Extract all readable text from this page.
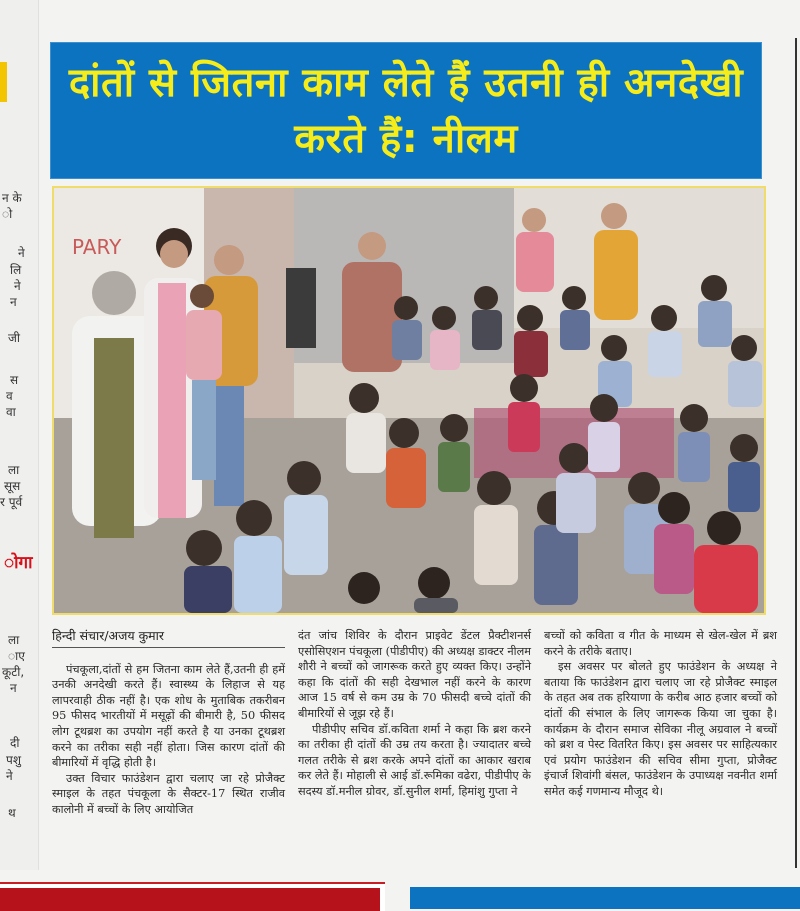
न के
ो
ने
लि
ने
न
जी
स
व
वा
ला
सूस
र पूर्व
ोगा
ला
ाए
कूटी,
न
दी
पशु
ने
थ
दांतों से जितना काम लेते हैं उतनी ही अनदेखी करते हैं: नीलम
PARY
हिन्दी संचार/अजय कुमार

पंचकूला,दांतों से हम जितना काम लेते हैं,उतनी ही हमें उनकी अनदेखी करते हैं। स्वास्थ्य के लिहाज से यह लापरवाही ठीक नहीं है। एक शोध के मुताबिक तकरीबन 95 फीसद भारतीयों में मसूढ़ों की बीमारी है, 50 फीसद लोग टूथब्रश का उपयोग नहीं करते है या उनका टूथब्रश करने का तरीका सही नहीं होता। जिस कारण दांतों की बीमारियों में वृद्धि होती है।

उक्त विचार फाउंडेशन द्वारा चलाए जा रहे प्रोजैक्ट स्माइल के तहत पंचकूला के सैक्टर-17 स्थित राजीव कालोनी में बच्चों के लिए आयोजित

दंत जांच शिविर के दौरान प्राइवेट डेंटल प्रैक्टीशनर्स एसोसिएशन पंचकूला (पीडीपीए) की अध्यक्ष डाक्टर नीलम शौरी ने बच्चों को जागरूक करते हुए व्यक्त किए। उन्होंने कहा कि दांतों की सही देखभाल नहीं करने के कारण आज 15 वर्ष से कम उम्र के 70 फीसदी बच्चे दांतों की बीमारियों से जूझ रहे हैं।

पीडीपीए सचिव डॉ.कविता शर्मा ने कहा कि ब्रश करने का तरीका ही दांतों की उम्र तय करता है। ज्यादातर बच्चे गलत तरीके से ब्रश करके अपने दांतों का आकार खराब कर लेते हैं। मोहाली से आई डॉ.रूमिका वढेरा, पीडीपीए के सदस्य डॉ.मनील ग्रोवर, डॉ.सुनील शर्मा, हिमांशु गुप्ता ने

बच्चों को कविता व गीत के माध्यम से खेल-खेल में ब्रश करने के तरीके बताए।

इस अवसर पर बोलते हुए फाउंडेशन के अध्यक्ष ने बताया कि फाउंडेशन द्वारा चलाए जा रहे प्रोजैक्ट स्माइल के तहत अब तक हरियाणा के करीब आठ हजार बच्चों को दांतों की संभाल के लिए जागरूक किया जा चुका है। कार्यक्रम के दौरान समाज सेविका नीलू अग्रवाल ने बच्चों को ब्रश व पेस्ट वितरित किए। इस अवसर पर साहित्यकार एवं प्रयोग फाउंडेशन की सचिव सीमा गुप्ता, प्रोजैक्ट इंचार्ज शिवांगी बंसल, फाउंडेशन के उपाध्यक्ष नवनीत शर्मा समेत कई गणमान्य मौजूद थे।
